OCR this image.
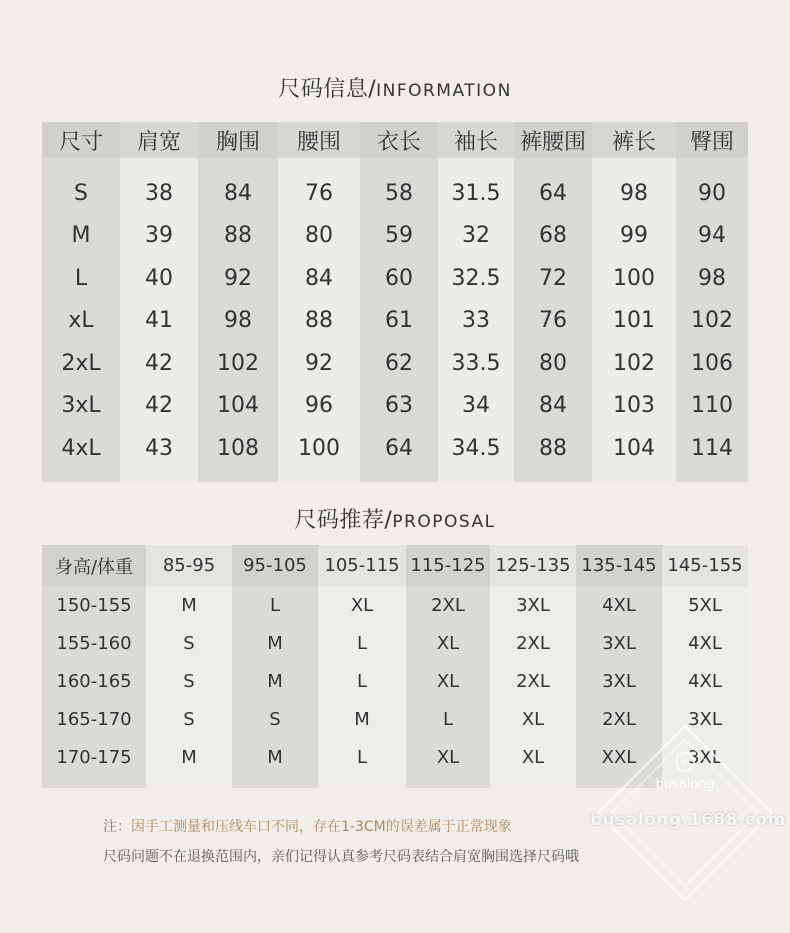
尺码信息/INFORMATION
尺寸	肩宽	胸围	腰围	衣长	袖长	裤腰围	裤长	臀围

S	38	84	76	58	31.5	64	98	90
M	39	88	80	59	32	68	99	94
L	40	92	84	60	32.5	72	100	98
xL	41	98	88	61	33	76	101	102
2xL	42	102	92	62	33.5	80	102	106
3xL	42	104	96	63	34	84	103	110
4xL	43	108	100	64	34.5	88	104	114

尺码推荐/PROPOSAL
身高/体重	85-95	95-105	105-115	115-125	125-135	135-145	145-155
150-155	M	L	XL	2XL	3XL	4XL	5XL
155-160	S	M	L	XL	2XL	3XL	4XL
160-165	S	M	L	XL	2XL	3XL	4XL
165-170	S	S	M	L	XL	2XL	3XL
170-175	M	M	L	XL	XL	XXL	3XL

注：因手工测量和压线车口不同，存在1-3CM的误差属于正常现象
尺码问题不在退换范围内，亲们记得认真参考尺码表结合肩宽胸围选择尺码哦
®
busalong
busalong.1688.com
